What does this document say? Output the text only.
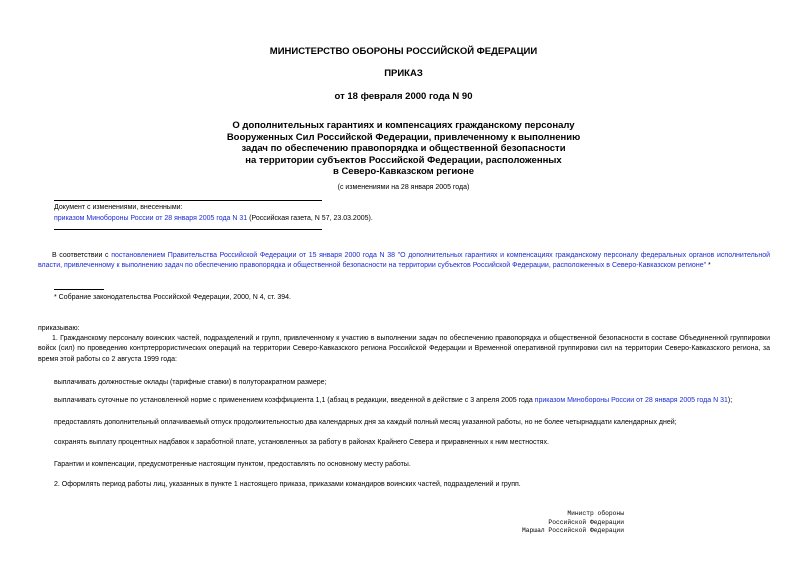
МИНИСТЕРСТВО ОБОРОНЫ РОССИЙСКОЙ ФЕДЕРАЦИИ
ПРИКАЗ
от 18 февраля 2000 года N 90
О дополнительных гарантиях и компенсациях гражданскому персоналу
Вооруженных Сил Российской Федерации, привлеченному к выполнению
задач по обеспечению правопорядка и общественной безопасности
на территории субъектов Российской Федерации, расположенных
в Северо-Кавказском регионе
(с изменениями на 28 января 2005 года)
Документ с изменениями, внесенными:
приказом Минобороны России от 28 января 2005 года N 31 (Российская газета, N 57, 23.03.2005).
В соответствии с постановлением Правительства Российской Федерации от 15 января 2000 года N 38 "О дополнительных гарантиях и компенсациях гражданскому персоналу федеральных органов исполнительной власти, привлеченному к выполнению задач по обеспечению правопорядка и общественной безопасности на территории субъектов Российской Федерации, расположенных в Северо-Кавказском регионе" *
* Собрание законодательства Российской Федерации, 2000, N 4, ст. 394.
приказываю:
1. Гражданскому персоналу воинских частей, подразделений и групп, привлеченному к участию в выполнении задач по обеспечению правопорядка и общественной безопасности в составе Объединенной группировки войск (сил) по проведению контртеррористических операций на территории Северо-Кавказского региона Российской Федерации и Временной оперативной группировки сил на территории Северо-Кавказского региона, за время этой работы со 2 августа 1999 года:
выплачивать должностные оклады (тарифные ставки) в полуторакратном размере;
выплачивать суточные по установленной норме с применением коэффициента 1,1 (абзац в редакции, введенной в действие с 3 апреля 2005 года приказом Минобороны России от 28 января 2005 года N 31);
предоставлять дополнительный оплачиваемый отпуск продолжительностью два календарных дня за каждый полный месяц указанной работы, но не более четырнадцати календарных дней;
сохранять выплату процентных надбавок к заработной плате, установленных за работу в районах Крайнего Севера и приравненных к ним местностях.
Гарантии и компенсации, предусмотренные настоящим пунктом, предоставлять по основному месту работы.
2. Оформлять период работы лиц, указанных в пункте 1 настоящего приказа, приказами командиров воинских частей, подразделений и групп.
Министр обороны
Российской Федерации
Маршал Российской Федерации
